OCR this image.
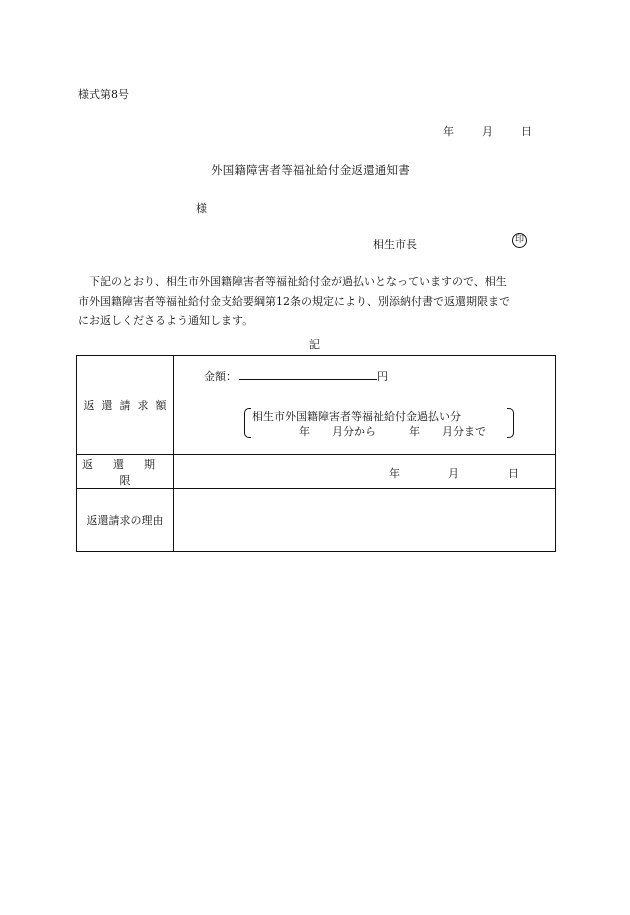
様式第8号
年	月	日
外国籍障害者等福祉給付金返還通知書
様
相生市長	印

　下記のとおり、相生市外国籍障害者等福祉給付金が過払いとなっていますので、相生

市外国籍障害者等福祉給付金支給要綱第12条の規定により、別添納付書で返還期限まで

にお返しくださるよう通知します。

記
返 還 請 求 額	金額： 円
相生市外国籍障害者等福祉給付金過払い分
年　　月分から　　　年　　月分まで

返 還 期限	年 月 日

返還請求の理由	
